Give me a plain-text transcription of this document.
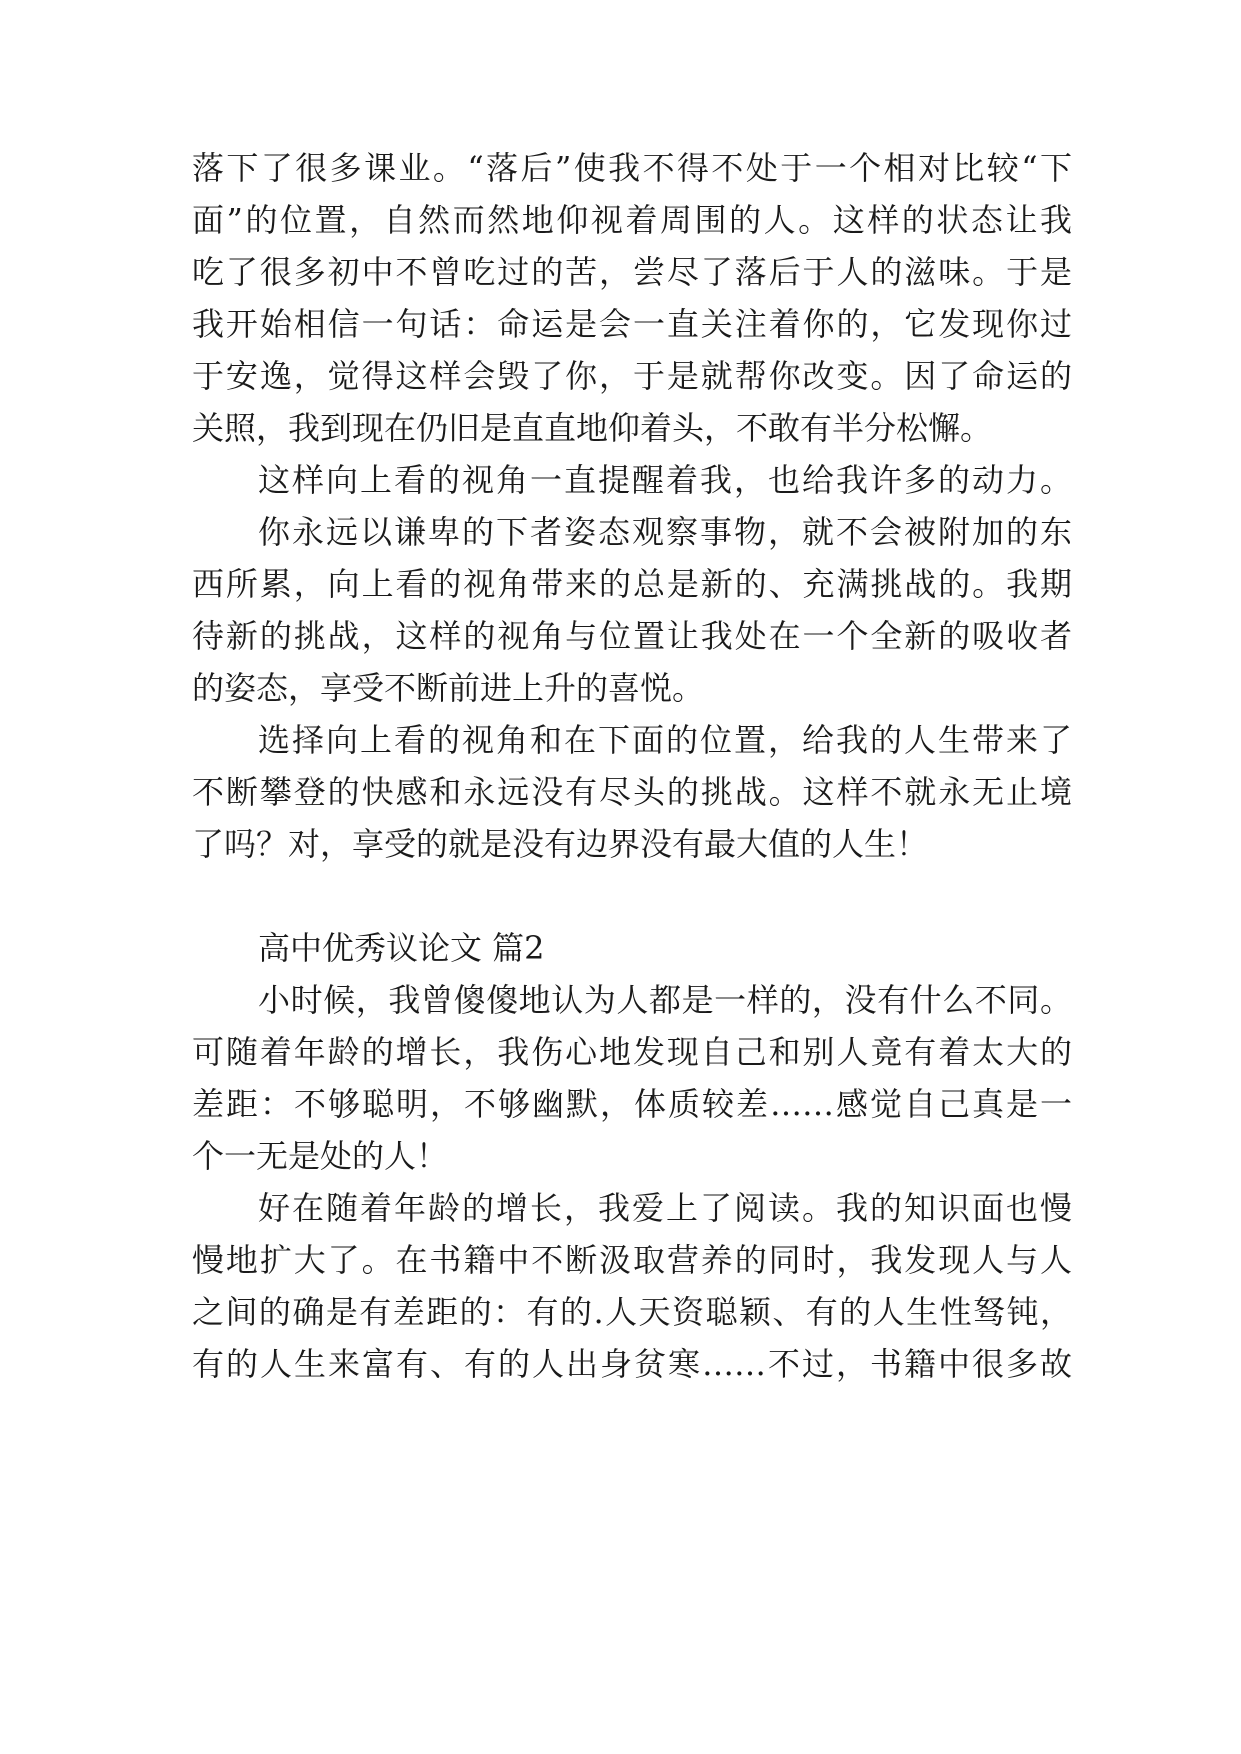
落下了很多课业。“落后”使我不得不处于一个相对比较“下
面”的位置，自然而然地仰视着周围的人。这样的状态让我
吃了很多初中不曾吃过的苦，尝尽了落后于人的滋味。于是
我开始相信一句话：命运是会一直关注着你的，它发现你过
于安逸，觉得这样会毁了你，于是就帮你改变。因了命运的
关照，我到现在仍旧是直直地仰着头，不敢有半分松懈。
这样向上看的视角一直提醒着我，也给我许多的动力。
你永远以谦卑的下者姿态观察事物，就不会被附加的东
西所累，向上看的视角带来的总是新的、充满挑战的。我期
待新的挑战，这样的视角与位置让我处在一个全新的吸收者
的姿态，享受不断前进上升的喜悦。
选择向上看的视角和在下面的位置，给我的人生带来了
不断攀登的快感和永远没有尽头的挑战。这样不就永无止境
了吗？对，享受的就是没有边界没有最大值的人生！
高中优秀议论文 篇2
小时候，我曾傻傻地认为人都是一样的，没有什么不同。
可随着年龄的增长，我伤心地发现自己和别人竟有着太大的
差距：不够聪明，不够幽默，体质较差……感觉自己真是一
个一无是处的人！
好在随着年龄的增长，我爱上了阅读。我的知识面也慢
慢地扩大了。在书籍中不断汲取营养的同时，我发现人与人
之间的确是有差距的：有的.人天资聪颖、有的人生性驽钝，
有的人生来富有、有的人出身贫寒……不过，书籍中很多故
